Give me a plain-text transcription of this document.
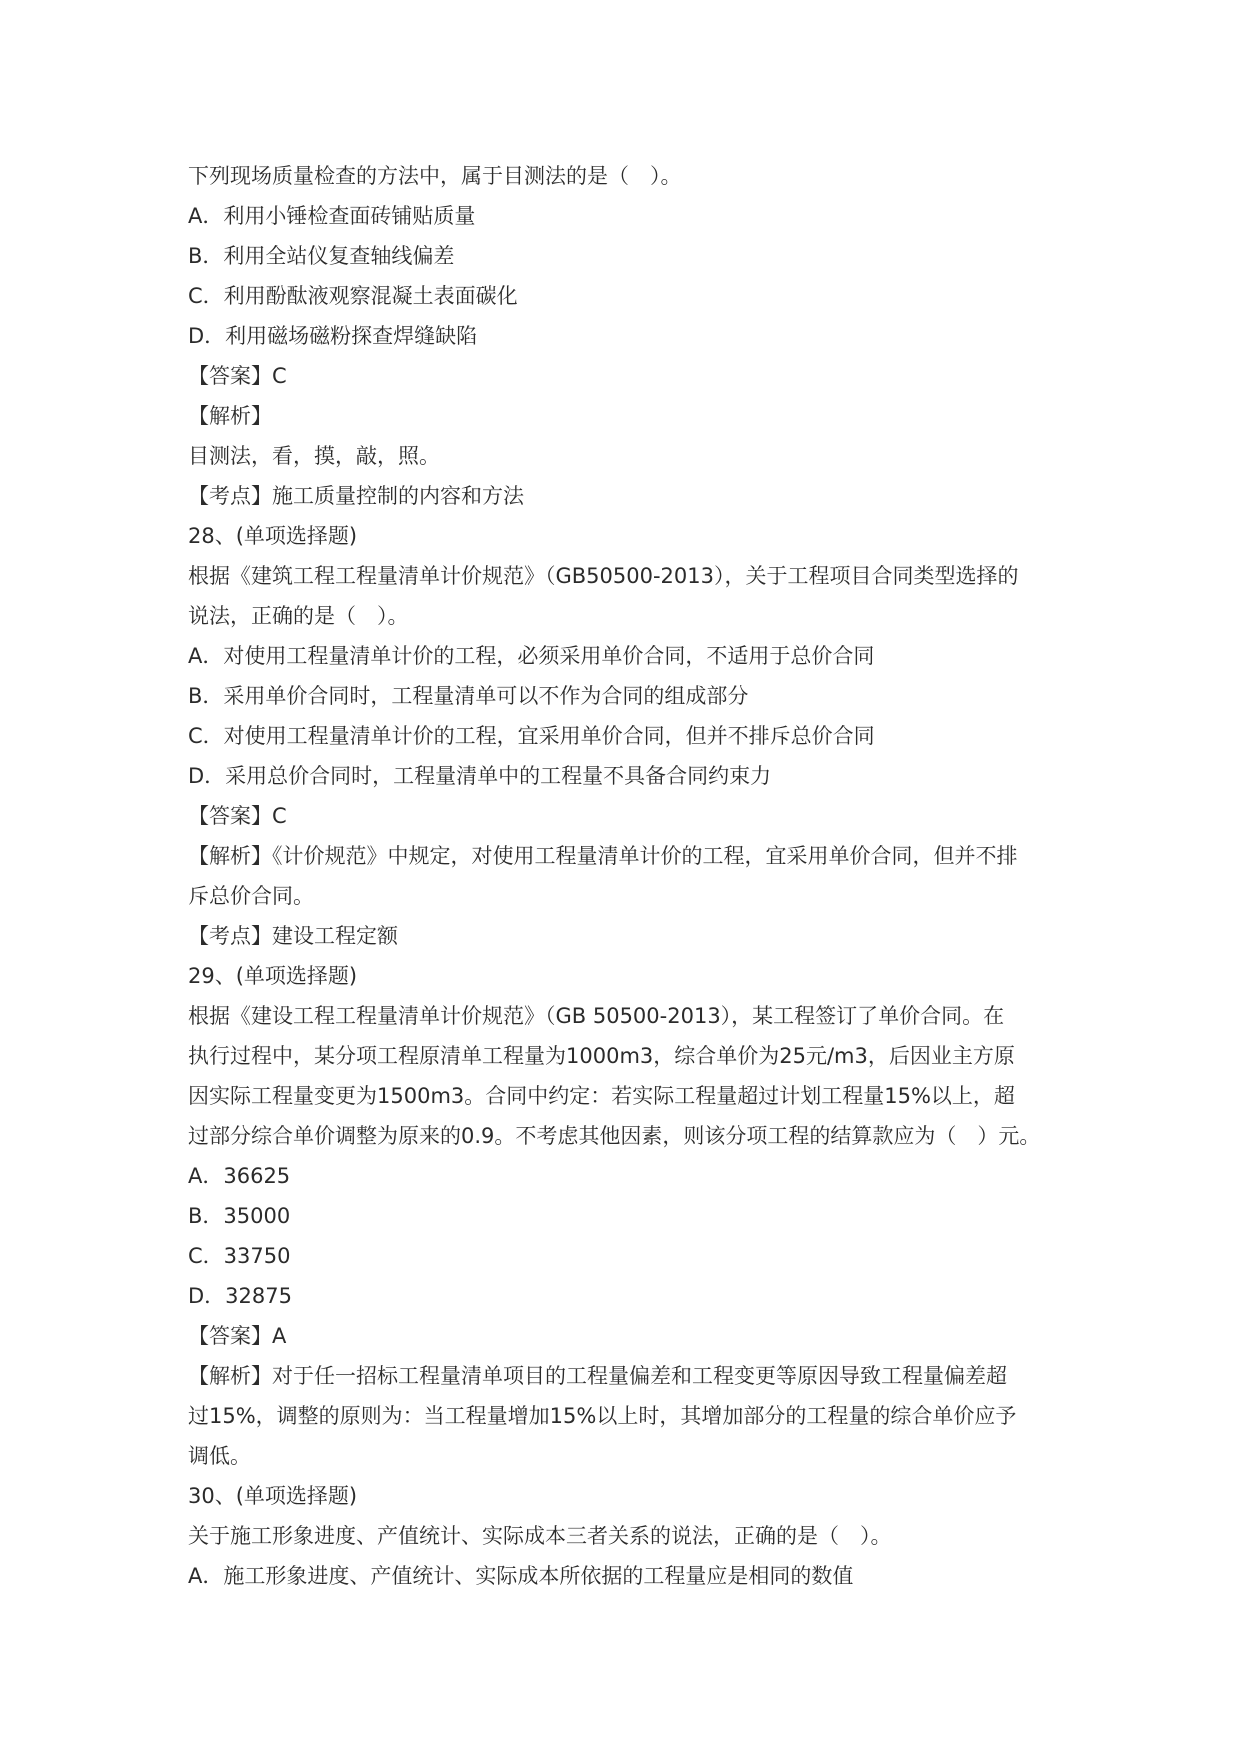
下列现场质量检查的方法中，属于目测法的是（　）。

A．利用小锤检查面砖铺贴质量

B．利用全站仪复查轴线偏差

C．利用酚酞液观察混凝土表面碳化

D．利用磁场磁粉探查焊缝缺陷

【答案】C

【解析】

目测法，看，摸，敲，照。

【考点】施工质量控制的内容和方法

28、(单项选择题)

根据《建筑工程工程量清单计价规范》（GB50500-2013），关于工程项目合同类型选择的

说法，正确的是（　）。

A．对使用工程量清单计价的工程，必须采用单价合同，不适用于总价合同

B．采用单价合同时，工程量清单可以不作为合同的组成部分

C．对使用工程量清单计价的工程，宜采用单价合同，但并不排斥总价合同

D．采用总价合同时，工程量清单中的工程量不具备合同约束力

【答案】C

【解析】《计价规范》中规定，对使用工程量清单计价的工程，宜采用单价合同，但并不排

斥总价合同。

【考点】建设工程定额

29、(单项选择题)

根据《建设工程工程量清单计价规范》（GB 50500-2013），某工程签订了单价合同。在

执行过程中，某分项工程原清单工程量为1000m3，综合单价为25元/m3，后因业主方原

因实际工程量变更为1500m3。合同中约定：若实际工程量超过计划工程量15%以上，超

过部分综合单价调整为原来的0.9。不考虑其他因素，则该分项工程的结算款应为（　）元。

A．36625

B．35000

C．33750

D．32875

【答案】A

【解析】对于任一招标工程量清单项目的工程量偏差和工程变更等原因导致工程量偏差超

过15%，调整的原则为：当工程量增加15%以上时，其增加部分的工程量的综合单价应予

调低。

30、(单项选择题)

关于施工形象进度、产值统计、实际成本三者关系的说法，正确的是（　）。

A．施工形象进度、产值统计、实际成本所依据的工程量应是相同的数值
